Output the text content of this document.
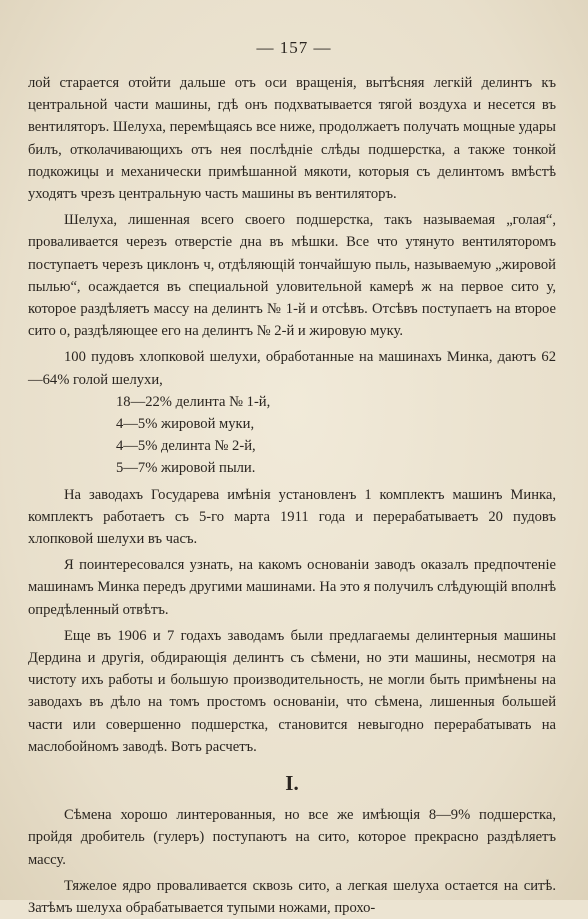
— 157 —

лой старается отойти дальше отъ оси вращенія, вытѣсняя легкій делинтъ къ центральной части машины, гдѣ онъ подхватывается тягой воздуха и несется въ вентиляторъ. Шелуха, перемѣщаясь все ниже, продолжаетъ получать мощные удары билъ, отколачивающихъ отъ нея послѣдніе слѣды подшерстка, а также тонкой подкожицы и механически примѣшанной мякоти, которыя съ делинтомъ вмѣстѣ уходятъ чрезъ центральную часть машины въ вентиляторъ.

Шелуха, лишенная всего своего подшерстка, такъ называемая „голая“, проваливается черезъ отверстіе дна въ мѣшки. Все что утянуто вентиляторомъ поступаетъ черезъ циклонъ ч, отдѣляющій тончайшую пыль, называемую „жировой пылью“, осаждается въ специальной уловительной камерѣ ж на первое сито у, которое раздѣляетъ массу на делинтъ № 1-й и отсѣвъ. Отсѣвъ поступаетъ на второе сито о, раздѣляющее его на делинтъ № 2-й и жировую муку.

100 пудовъ хлопковой шелухи, обработанные на машинахъ Минка, даютъ 62—64% голой шелухи,

18—22% делинта № 1-й,
4—5% жировой муки,
4—5% делинта № 2-й,
5—7% жировой пыли.

На заводахъ Государева имѣнія установленъ 1 комплектъ машинъ Минка, комплектъ работаетъ съ 5-го марта 1911 года и перерабатываетъ 20 пудовъ хлопковой шелухи въ часъ.

Я поинтересовался узнать, на какомъ основаніи заводъ оказалъ предпочтеніе машинамъ Минка передъ другими машинами. На это я получилъ слѣдующій вполнѣ опредѣленный отвѣтъ.

Еще въ 1906 и 7 годахъ заводамъ были предлагаемы делинтерныя машины Дердина и другія, обдирающія делинтъ съ сѣмени, но эти машины, несмотря на чистоту ихъ работы и большую производительность, не могли быть примѣнены на заводахъ въ дѣло на томъ простомъ основаніи, что сѣмена, лишенныя большей части или совершенно подшерстка, становится невыгодно перерабатывать на маслобойномъ заводѣ. Вотъ расчетъ.

I.

Сѣмена хорошо линтерованныя, но все же имѣющія 8—9% подшерстка, пройдя дробитель (гулеръ) поступаютъ на сито, которое прекрасно раздѣляетъ массу.

Тяжелое ядро проваливается сквозь сито, а легкая шелуха остается на ситѣ. Затѣмъ шелуха обрабатывается тупыми ножами, прохо-
